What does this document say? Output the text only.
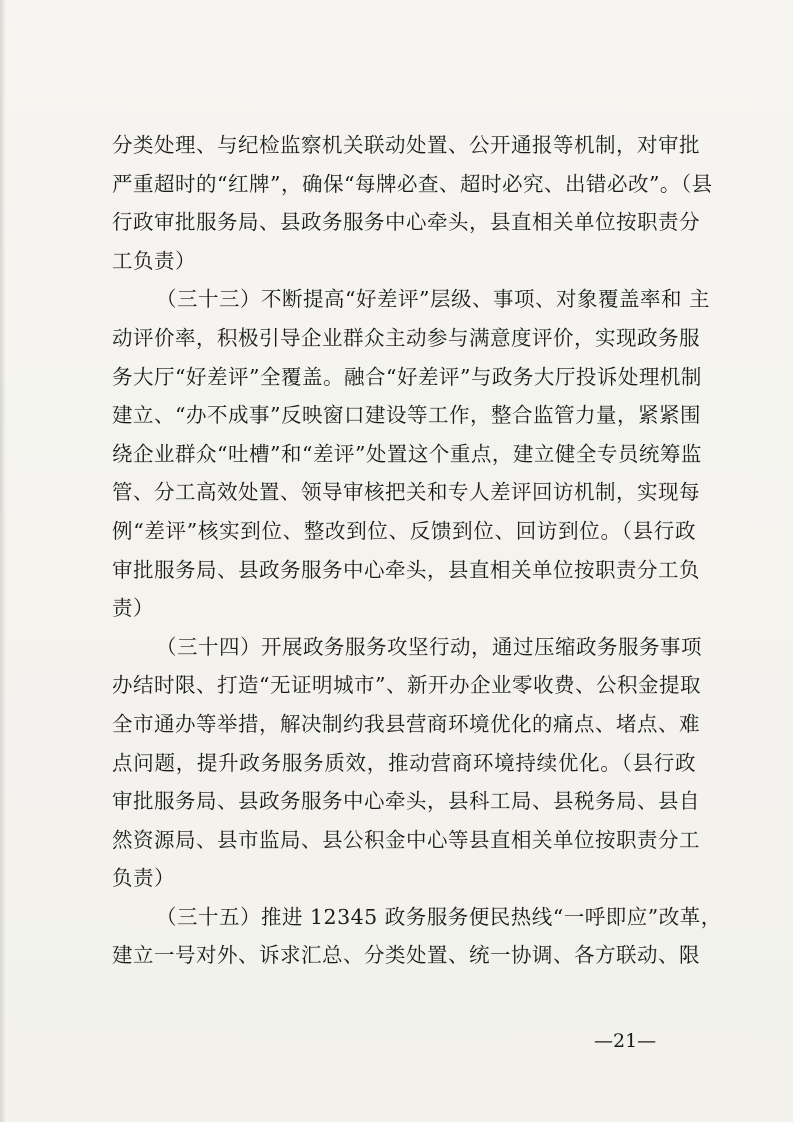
分类处理、与纪检监察机关联动处置、公开通报等机制，对审批
严重超时的“红牌”，确保“每牌必查、超时必究、出错必改”。（县
行政审批服务局、县政务服务中心牵头，县直相关单位按职责分
工负责）
（三十三）不断提高“好差评”层级、事项、对象覆盖率和 主
动评价率，积极引导企业群众主动参与满意度评价，实现政务服
务大厅“好差评”全覆盖。融合“好差评”与政务大厅投诉处理机制
建立、“办不成事”反映窗口建设等工作，整合监管力量，紧紧围
绕企业群众“吐槽”和“差评”处置这个重点，建立健全专员统筹监
管、分工高效处置、领导审核把关和专人差评回访机制，实现每
例“差评”核实到位、整改到位、反馈到位、回访到位。（县行政
审批服务局、县政务服务中心牵头，县直相关单位按职责分工负
责）
（三十四）开展政务服务攻坚行动，通过压缩政务服务事项
办结时限、打造“无证明城市”、新开办企业零收费、公积金提取
全市通办等举措，解决制约我县营商环境优化的痛点、堵点、难
点问题，提升政务服务质效，推动营商环境持续优化。（县行政
审批服务局、县政务服务中心牵头，县科工局、县税务局、县自
然资源局、县市监局、县公积金中心等县直相关单位按职责分工
负责）
（三十五）推进 12345 政务服务便民热线“一呼即应”改革，
建立一号对外、诉求汇总、分类处置、统一协调、各方联动、限
—21—
